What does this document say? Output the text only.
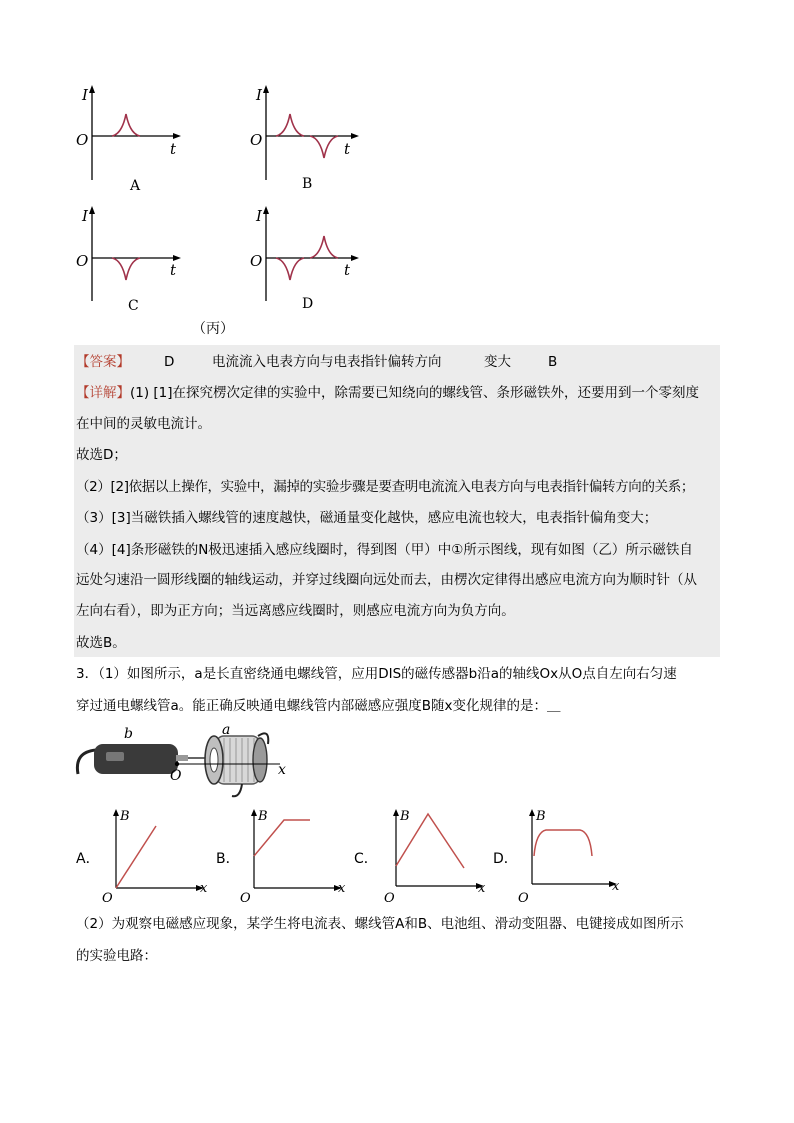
I
O	t
A
I
O	t
B
I
O	t
C
I
O	t
D
（丙）
【答案】	D	电流流入电表方向与电表指针偏转方向	变大	B
【详解】(1) [1]在探究楞次定律的实验中，除需要已知绕向的螺线管、条形磁铁外，还要用到一个零刻度
在中间的灵敏电流计。
故选D；
（2）[2]依据以上操作，实验中，漏掉的实验步骤是要查明电流流入电表方向与电表指针偏转方向的关系；
（3）[3]当磁铁插入螺线管的速度越快，磁通量变化越快，感应电流也较大，电表指针偏角变大；
（4）[4]条形磁铁的N极迅速插入感应线圈时，得到图（甲）中①所示图线，现有如图（乙）所示磁铁自
远处匀速沿一圆形线圈的轴线运动，并穿过线圈向远处而去，由楞次定律得出感应电流方向为顺时针（从
左向右看），即为正方向；当远离感应线圈时，则感应电流方向为负方向。
故选B。
3．（1）如图所示，a是长直密绕通电螺线管，应用DIS的磁传感器b沿a的轴线Ox从O点自左向右匀速
穿过通电螺线管a。能正确反映通电螺线管内部磁感应强度B随x变化规律的是：＿
b	a
O	x
A．
B
O
x
B．
B
O
x
C．
B
O
x
D．
B
O
x
（2）为观察电磁感应现象，某学生将电流表、螺线管A和B、电池组、滑动变阻器、电键接成如图所示
的实验电路：
